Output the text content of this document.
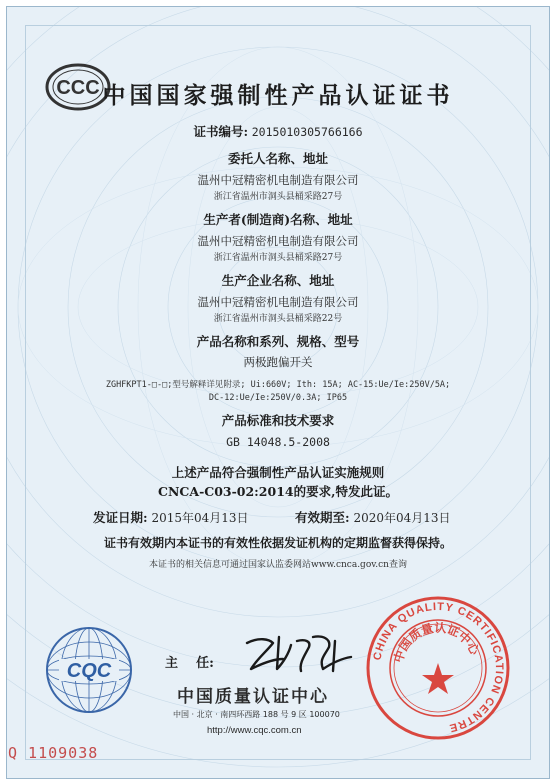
CCC 中国国家强制性产品认证证书
证书编号: 2015010305766166
委托人名称、地址
温州中冠精密机电制造有限公司
浙江省温州市洞头县桶采路27号
生产者(制造商)名称、地址
温州中冠精密机电制造有限公司
浙江省温州市洞头县桶采路27号
生产企业名称、地址
温州中冠精密机电制造有限公司
浙江省温州市洞头县桶采路22号
产品名称和系列、规格、型号
两极跑偏开关
ZGHFKPT1-□-□;型号解释详见附录; Ui:660V; Ith: 15A; AC-15:Ue/Ie:250V/5A;
DC-12:Ue/Ie:250V/0.3A; IP65
产品标准和技术要求
GB 14048.5-2008
上述产品符合强制性产品认证实施规则
CNCA-C03-02:2014的要求,特发此证。
发证日期: 2015年04月13日	有效期至: 2020年04月13日
证书有效期内本证书的有效性依据发证机构的定期监督获得保持。
本证书的相关信息可通过国家认监委网站www.cnca.gov.cn查询
CQC	主    任:
中国质量认证中心
中国 · 北京 · 南四环西路 188 号 9 区 100070
http://www.cqc.com.cn
CHINA QUALITY CERTIFICATION CENTRE
中国质量认证中心
Q 1109038
